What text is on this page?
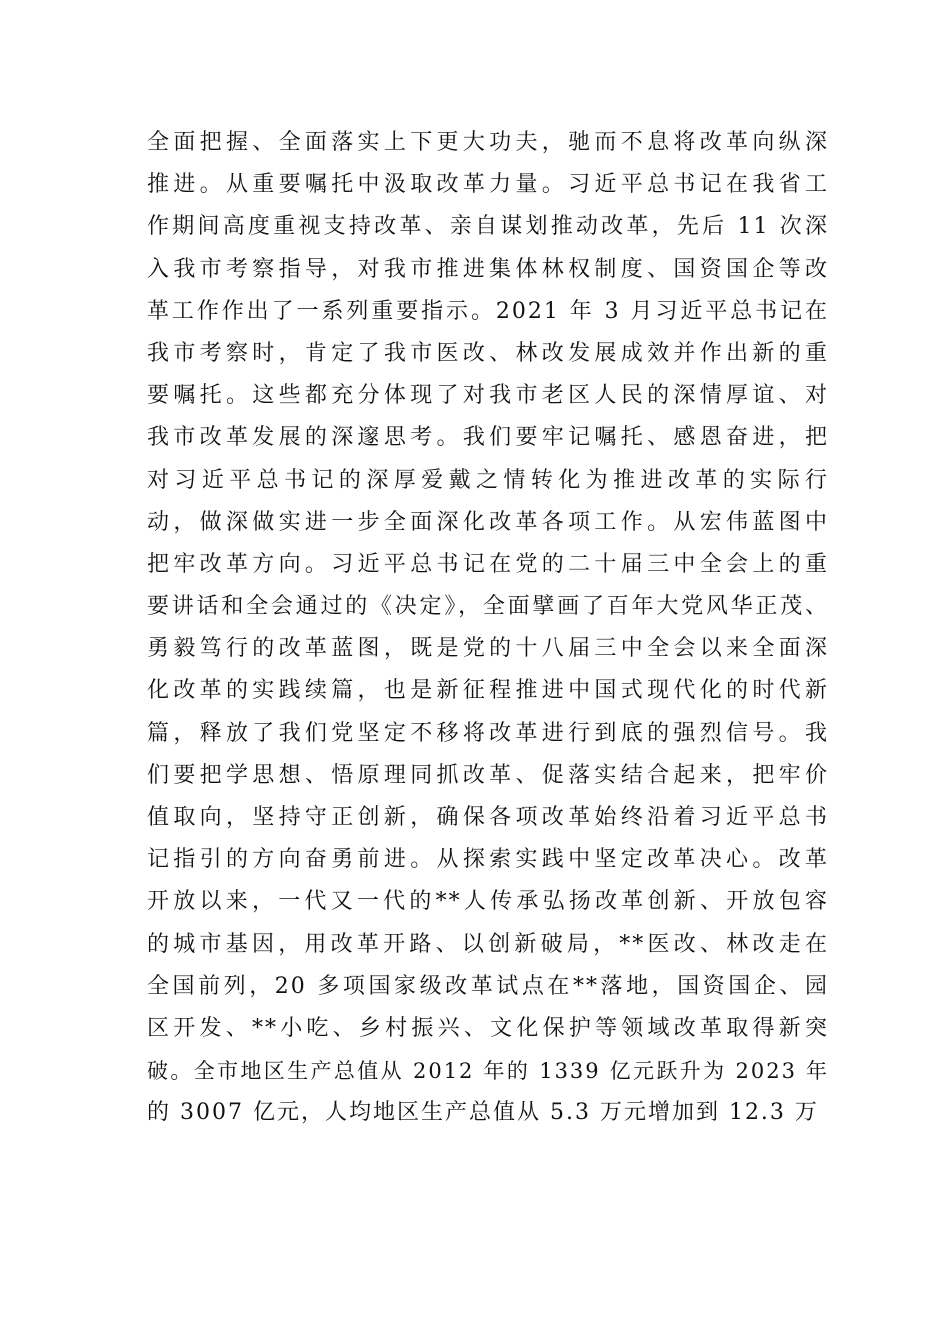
全面把握、全面落实上下更大功夫，驰而不息将改革向纵深
推进。从重要嘱托中汲取改革力量。习近平总书记在我省工
作期间高度重视支持改革、亲自谋划推动改革，先后 11 次深
入我市考察指导，对我市推进集体林权制度、国资国企等改
革工作作出了一系列重要指示。2021 年 3 月习近平总书记在
我市考察时，肯定了我市医改、林改发展成效并作出新的重
要嘱托。这些都充分体现了对我市老区人民的深情厚谊、对
我市改革发展的深邃思考。我们要牢记嘱托、感恩奋进，把
对习近平总书记的深厚爱戴之情转化为推进改革的实际行
动，做深做实进一步全面深化改革各项工作。从宏伟蓝图中
把牢改革方向。习近平总书记在党的二十届三中全会上的重
要讲话和全会通过的《决定》，全面擘画了百年大党风华正茂、
勇毅笃行的改革蓝图，既是党的十八届三中全会以来全面深
化改革的实践续篇，也是新征程推进中国式现代化的时代新
篇，释放了我们党坚定不移将改革进行到底的强烈信号。我
们要把学思想、悟原理同抓改革、促落实结合起来，把牢价
值取向，坚持守正创新，确保各项改革始终沿着习近平总书
记指引的方向奋勇前进。从探索实践中坚定改革决心。改革
开放以来，一代又一代的**人传承弘扬改革创新、开放包容
的城市基因，用改革开路、以创新破局，**医改、林改走在
全国前列，20 多项国家级改革试点在**落地，国资国企、园
区开发、**小吃、乡村振兴、文化保护等领域改革取得新突
破。全市地区生产总值从 2012 年的 1339 亿元跃升为 2023 年
的 3007 亿元，人均地区生产总值从 5.3 万元增加到 12.3 万
